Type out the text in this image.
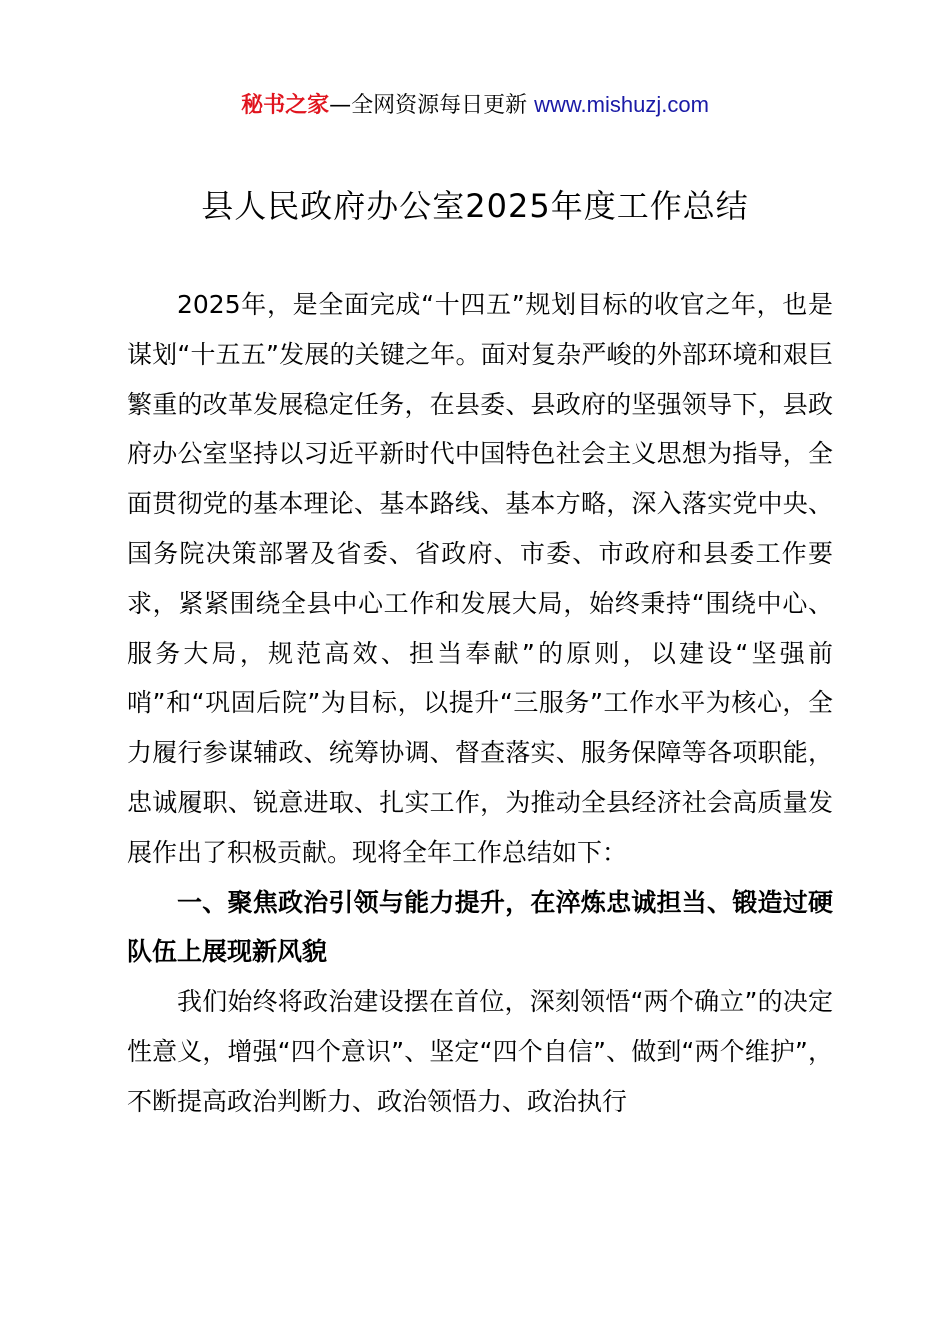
秘书之家—全网资源每日更新 www.mishuzj.com
县人民政府办公室2025年度工作总结

2025年，是全面完成“十四五”规划目标的收官之年，也是谋划“十五五”发展的关键之年。面对复杂严峻的外部环境和艰巨繁重的改革发展稳定任务，在县委、县政府的坚强领导下，县政府办公室坚持以习近平新时代中国特色社会主义思想为指导，全面贯彻党的基本理论、基本路线、基本方略，深入落实党中央、国务院决策部署及省委、省政府、市委、市政府和县委工作要求，紧紧围绕全县中心工作和发展大局，始终秉持“围绕中心、服务大局，规范高效、担当奉献”的原则，以建设“坚强前哨”和“巩固后院”为目标，以提升“三服务”工作水平为核心，全力履行参谋辅政、统筹协调、督查落实、服务保障等各项职能，忠诚履职、锐意进取、扎实工作，为推动全县经济社会高质量发展作出了积极贡献。现将全年工作总结如下：

一、聚焦政治引领与能力提升，在淬炼忠诚担当、锻造过硬队伍上展现新风貌

我们始终将政治建设摆在首位，深刻领悟“两个确立”的决定性意义，增强“四个意识”、坚定“四个自信”、做到“两个维护”，不断提高政治判断力、政治领悟力、政治执行
